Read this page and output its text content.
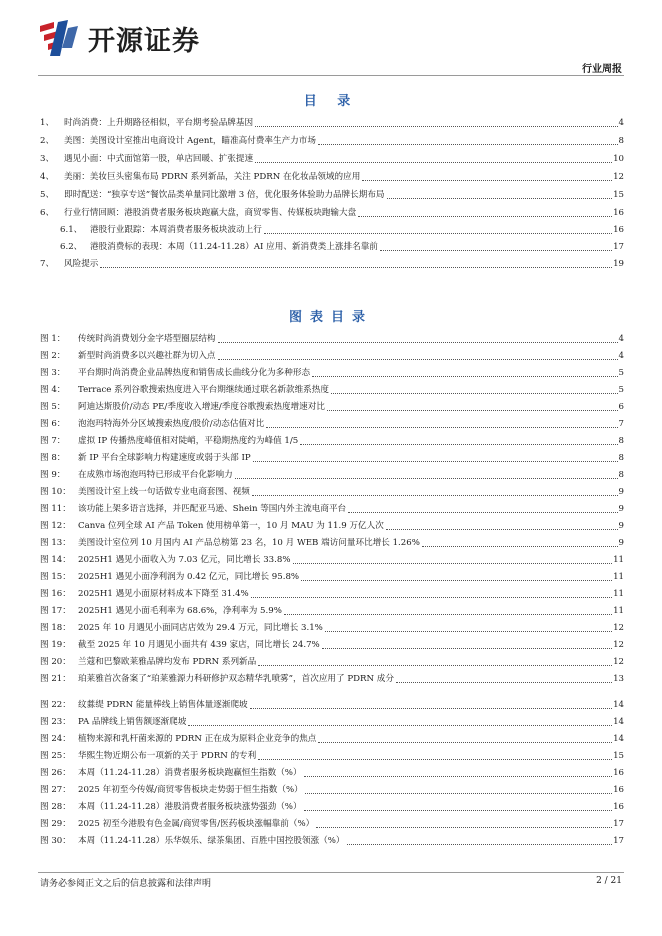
开源证券
行业周报
目 录
1、	时尚消费：上升期路径相似，平台期考验品牌基因	4
2、	美图：美图设计室推出电商设计 Agent，瞄准高付费率生产力市场	8
3、	遇见小面：中式面馆第一股，单店回暖、扩张提速	10
4、	美丽：美妆巨头密集布局 PDRN 系列新品，关注 PDRN 在化妆品领域的应用	12
5、	即时配送：“独享专送”餐饮品类单量同比激增 3 倍，优化服务体验助力品牌长期布局	15
6、	行业行情回顾：港股消费者服务板块跑赢大盘，商贸零售、传媒板块跑输大盘	16
6.1、 港股行业跟踪：本周消费者服务板块波动上行	16
6.2、 港股消费标的表现：本周（11.24-11.28）AI 应用、新消费类上涨排名靠前	17
7、	风险提示	19
图表目录
图 1：	传统时尚消费划分金字塔型圈层结构	4
图 2：	新型时尚消费多以兴趣社群为切入点	4
图 3：	平台期时尚消费企业品牌热度和销售成长曲线分化为多种形态	5
图 4：	Terrace 系列谷歌搜索热度进入平台期继续通过联名新款维系热度	5
图 5：	阿迪达斯股价/动态 PE/季度收入增速/季度谷歌搜索热度增速对比	6
图 6：	泡泡玛特海外分区域搜索热度/股价/动态估值对比	7
图 7：	虚拟 IP 传播热度峰值相对陡峭，平稳期热度约为峰值 1/5	8
图 8：	新 IP 平台全球影响力构建速度或弱于头部 IP	8
图 9：	在成熟市场泡泡玛特已形成平台化影响力	8
图 10： 美图设计室上线一句话做专业电商套图、视频	9
图 11： 该功能上架多语言选择，并匹配亚马逊、Shein 等国内外主流电商平台	9
图 12： Canva 位列全球 AI 产品 Token 使用榜单第一，10 月 MAU 为 11.9 万亿人次	9
图 13： 美图设计室位列 10 月国内 AI 产品总榜第 23 名，10 月 WEB 端访问量环比增长 1.26%	9
图 14： 2025H1 遇见小面收入为 7.03 亿元，同比增长 33.8%	11
图 15： 2025H1 遇见小面净利润为 0.42 亿元，同比增长 95.8%	11
图 16： 2025H1 遇见小面原材料成本下降至 31.4%	11
图 17： 2025H1 遇见小面毛利率为 68.6%，净利率为 5.9%	11
图 18： 2025 年 10 月遇见小面同店店效为 29.4 万元，同比增长 3.1%	12
图 19： 截至 2025 年 10 月遇见小面共有 439 家店，同比增长 24.7%	12
图 20： 兰蔻和巴黎欧莱雅品牌均发布 PDRN 系列新品	12
图 21： 珀莱雅首次备案了“珀莱雅源力科研修护双态精华乳喷雾”，首次应用了 PDRN 成分	13
图 22： 纹㵘缇 PDRN 能量棒线上销售体量逐渐爬坡	14
图 23： PA 品牌线上销售额逐渐爬坡	14
图 24： 植物来源和乳杆菌来源的 PDRN 正在成为原料企业竞争的焦点	14
图 25： 华熙生物近期公布一项新的关于 PDRN 的专利	15
图 26： 本周（11.24-11.28）消费者服务板块跑赢恒生指数（%）	16
图 27： 2025 年初至今传媒/商贸零售板块走势弱于恒生指数（%）	16
图 28： 本周（11.24-11.28）港股消费者服务板块涨势强劲（%）	16
图 29： 2025 初至今港股有色金属/商贸零售/医药板块涨幅靠前（%）	17
图 30： 本周（11.24-11.28）乐华娱乐、绿茶集团、百胜中国控股领涨（%）	17
请务必参阅正文之后的信息披露和法律声明	2 / 21
